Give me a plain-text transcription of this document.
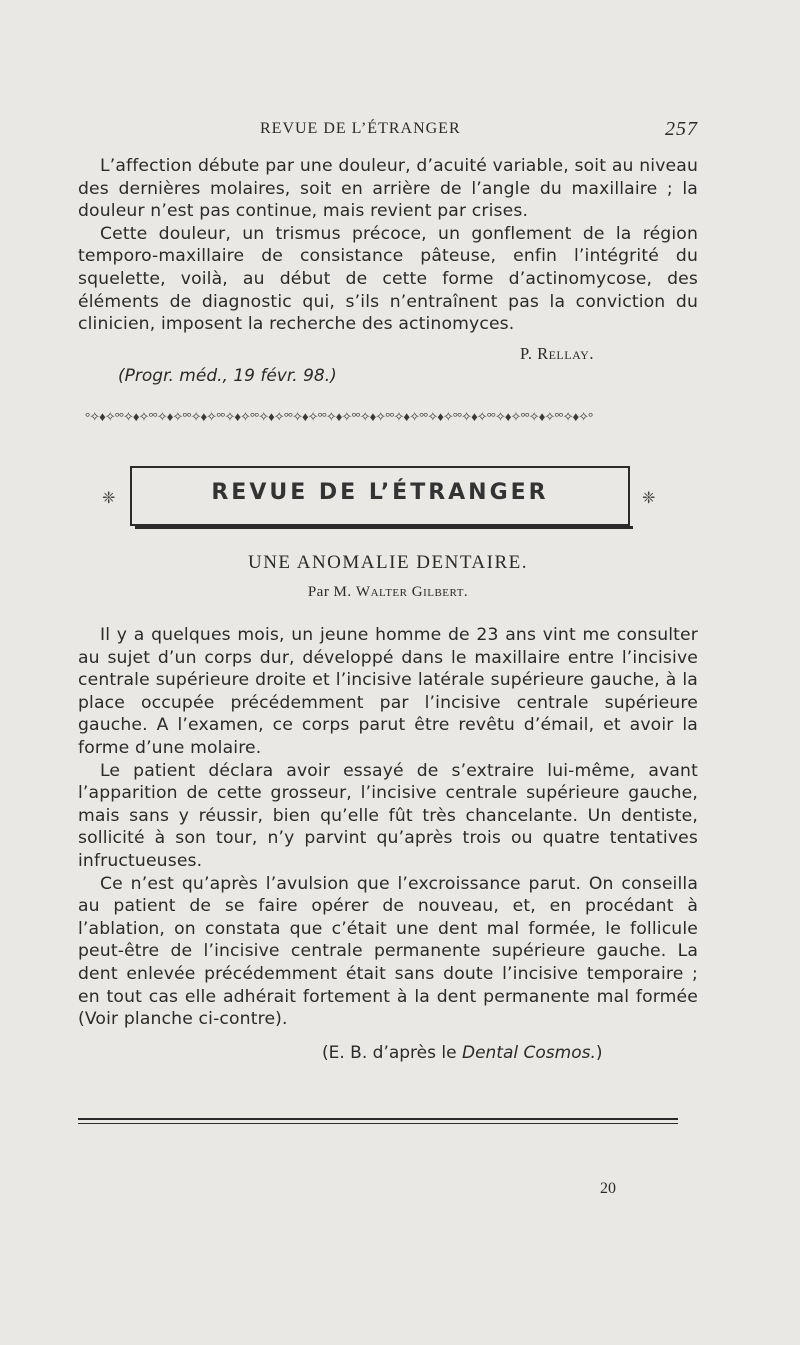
REVUE DE L’ÉTRANGER	257

L’affection débute par une douleur, d’acuité variable, soit au niveau des dernières molaires, soit en arrière de l’angle du maxillaire ; la douleur n’est pas continue, mais revient par crises.

Cette douleur, un trismus précoce, un gonflement de la région temporo-maxillaire de consistance pâteuse, enfin l’intégrité du squelette, voilà, au début de cette forme d’actinomycose, des éléments de diagnostic qui, s’ils n’entraînent pas la conviction du clinicien, imposent la recherche des actinomyces.

P. Rellay.
(Progr. méd., 19 févr. 98.)
°✧♦✧°°✧♦✧°°✧♦✧°°✧♦✧°°✧♦✧°°✧♦✧°°✧♦✧°°✧♦✧°°✧♦✧°°✧♦✧°°✧♦✧°°✧♦✧°°✧♦✧°°✧♦✧°°✧♦✧°
❈	REVUE DE L’ÉTRANGER	❈
UNE ANOMALIE DENTAIRE.
Par M. Walter Gilbert.

Il y a quelques mois, un jeune homme de 23 ans vint me consulter au sujet d’un corps dur, développé dans le maxillaire entre l’incisive centrale supérieure droite et l’incisive latérale supérieure gauche, à la place occupée précédemment par l’incisive centrale supérieure gauche. A l’examen, ce corps parut être revêtu d’émail, et avoir la forme d’une molaire.

Le patient déclara avoir essayé de s’extraire lui-même, avant l’apparition de cette grosseur, l’incisive centrale supérieure gauche, mais sans y réussir, bien qu’elle fût très chancelante. Un dentiste, sollicité à son tour, n’y parvint qu’après trois ou quatre tentatives infructueuses.

Ce n’est qu’après l’avulsion que l’excroissance parut. On conseilla au patient de se faire opérer de nouveau, et, en procédant à l’ablation, on constata que c’était une dent mal formée, le follicule peut-être de l’incisive centrale permanente supérieure gauche. La dent enlevée précédemment était sans doute l’incisive temporaire ; en tout cas elle adhérait fortement à la dent permanente mal formée (Voir planche ci-contre).

(E. B. d’après le Dental Cosmos.)
20
